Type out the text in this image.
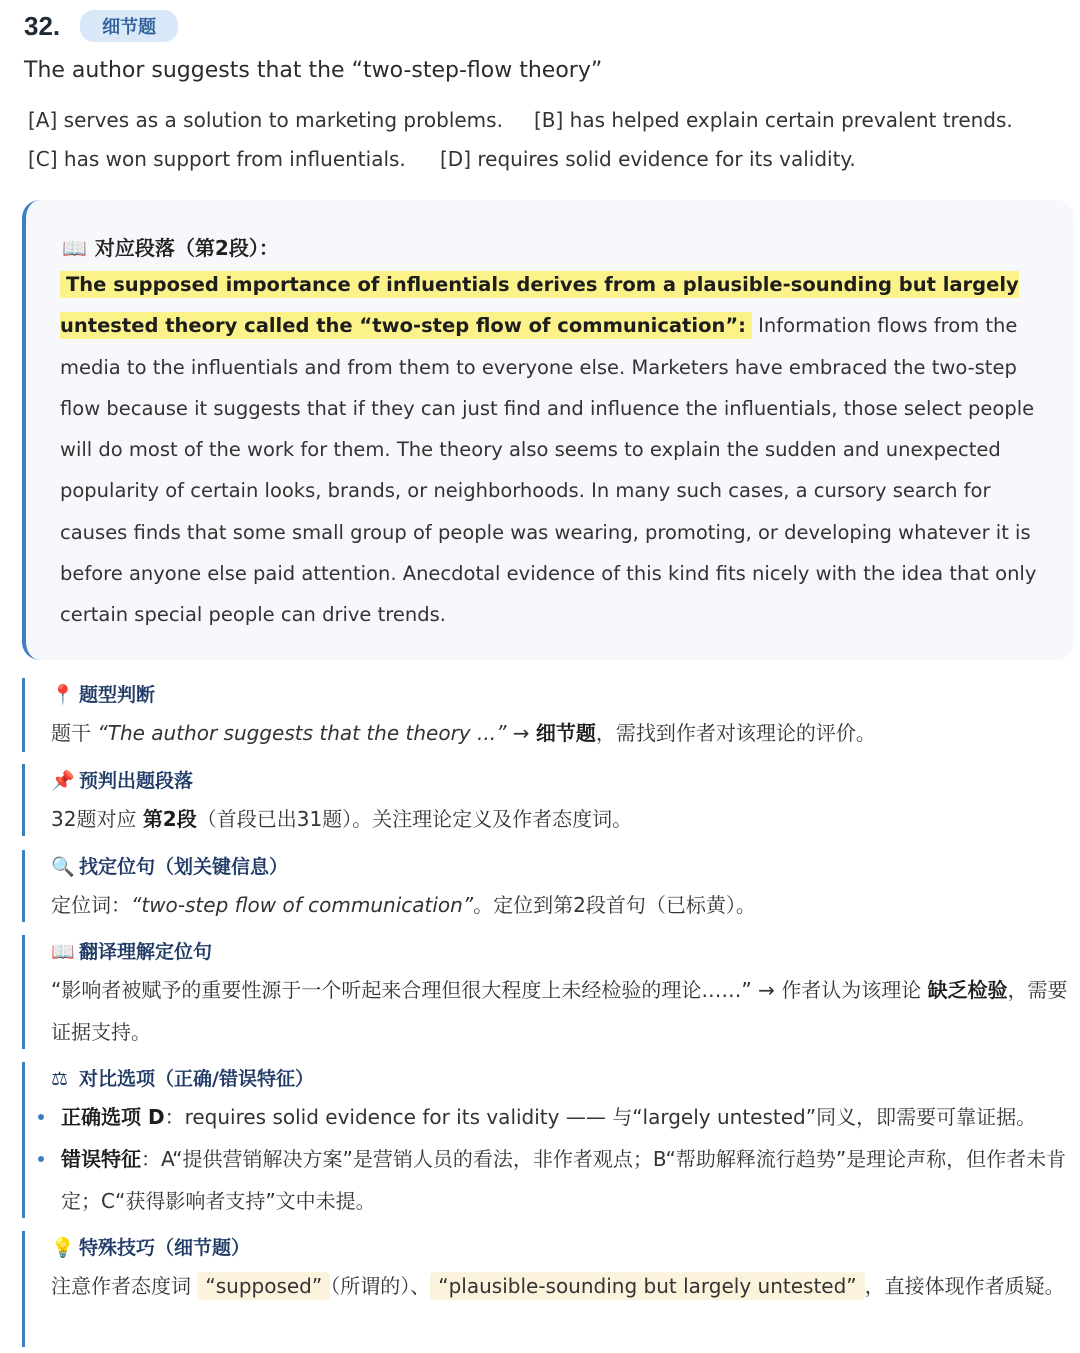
32.	细节题
The author suggests that the “two-step-flow theory”
[A] serves as a solution to marketing problems. [B] has helped explain certain prevalent trends.
[C] has won support from influentials. [D] requires solid evidence for its validity.
📖 对应段落（第2段）：
The supposed importance of influentials derives from a plausible-sounding but largely untested theory called the “two-step flow of communication”: Information flows from the media to the influentials and from them to everyone else. Marketers have embraced the two-step flow because it suggests that if they can just find and influence the influentials, those select people will do most of the work for them. The theory also seems to explain the sudden and unexpected popularity of certain looks, brands, or neighborhoods. In many such cases, a cursory search for causes finds that some small group of people was wearing, promoting, or developing whatever it is before anyone else paid attention. Anecdotal evidence of this kind fits nicely with the idea that only certain special people can drive trends.
📍 题型判断
题干 “The author suggests that the theory ...” → 细节题，需找到作者对该理论的评价。
📌 预判出题段落
32题对应 第2段（首段已出31题）。关注理论定义及作者态度词。
🔍 找定位句（划关键信息）
定位词：“two-step flow of communication”。定位到第2段首句（已标黄）。
📖 翻译理解定位句
“影响者被赋予的重要性源于一个听起来合理但很大程度上未经检验的理论……” → 作者认为该理论 缺乏检验，需要证据支持。
⚖ 对比选项（正确/错误特征）
正确选项 D：requires solid evidence for its validity —— 与“largely untested”同义，即需要可靠证据。
错误特征：A“提供营销解决方案”是营销人员的看法，非作者观点；B“帮助解释流行趋势”是理论声称，但作者未肯定；C“获得影响者支持”文中未提。
💡 特殊技巧（细节题）
注意作者态度词 “supposed” （所谓的）、 “plausible-sounding but largely untested” ，直接体现作者质疑。
